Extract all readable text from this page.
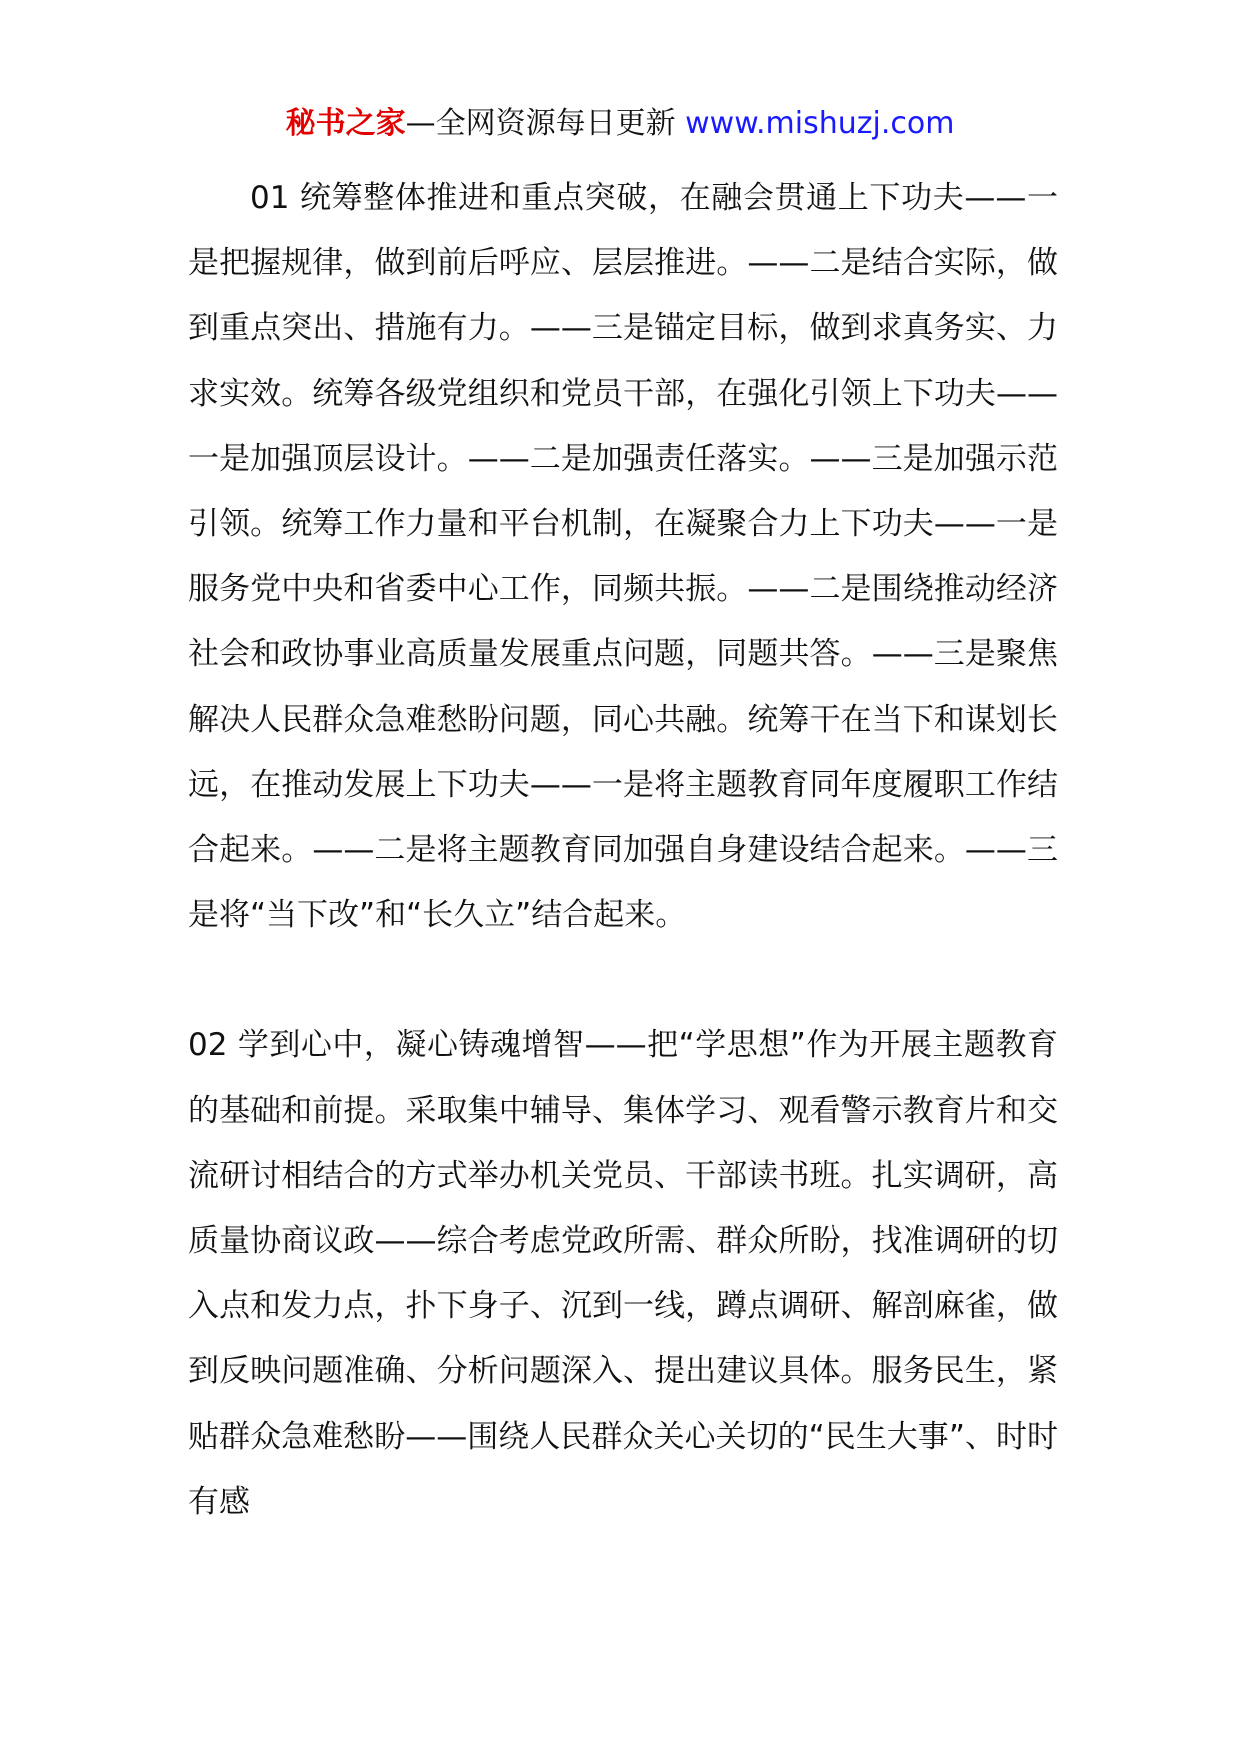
秘书之家—全网资源每日更新 www.mishuzj.com

01 统筹整体推进和重点突破，在融会贯通上下功夫——一是把握规律，做到前后呼应、层层推进。——二是结合实际，做到重点突出、措施有力。——三是锚定目标，做到求真务实、力求实效。统筹各级党组织和党员干部，在强化引领上下功夫——一是加强顶层设计。——二是加强责任落实。——三是加强示范引领。统筹工作力量和平台机制，在凝聚合力上下功夫——一是服务党中央和省委中心工作，同频共振。——二是围绕推动经济社会和政协事业高质量发展重点问题，同题共答。——三是聚焦解决人民群众急难愁盼问题，同心共融。统筹干在当下和谋划长远，在推动发展上下功夫——一是将主题教育同年度履职工作结合起来。——二是将主题教育同加强自身建设结合起来。——三是将“当下改”和“长久立”结合起来。

02 学到心中，凝心铸魂增智——把“学思想”作为开展主题教育的基础和前提。采取集中辅导、集体学习、观看警示教育片和交流研讨相结合的方式举办机关党员、干部读书班。扎实调研，高质量协商议政——综合考虑党政所需、群众所盼，找准调研的切入点和发力点，扑下身子、沉到一线，蹲点调研、解剖麻雀，做到反映问题准确、分析问题深入、提出建议具体。服务民生，紧贴群众急难愁盼——围绕人民群众关心关切的“民生大事”、时时有感
